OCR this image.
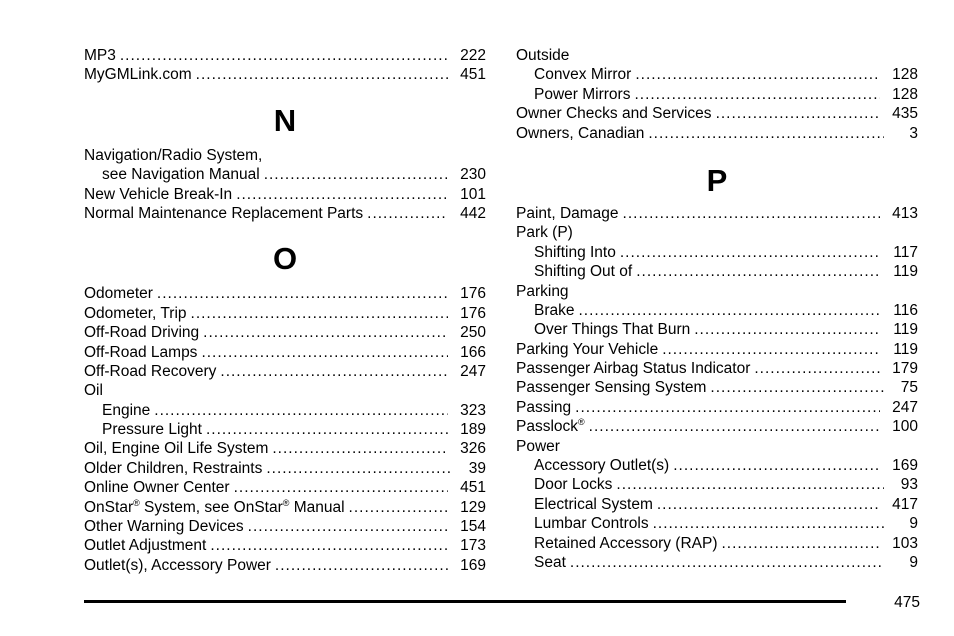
MP3 .....	222
MyGMLink.com .....	451
N
Navigation/Radio System,
see Navigation Manual .....	230
New Vehicle Break-In .....	101
Normal Maintenance Replacement Parts .....	442
O
Odometer .....	176
Odometer, Trip .....	176
Off-Road Driving .....	250
Off-Road Lamps .....	166
Off-Road Recovery .....	247
Oil
Engine .....	323
Pressure Light .....	189
Oil, Engine Oil Life System .....	326
Older Children, Restraints .....	39
Online Owner Center .....	451
OnStar® System, see OnStar® Manual .....	129
Other Warning Devices .....	154
Outlet Adjustment .....	173
Outlet(s), Accessory Power .....	169
Outside
Convex Mirror .....	128
Power Mirrors .....	128
Owner Checks and Services .....	435
Owners, Canadian .....	3
P
Paint, Damage .....	413
Park (P)
Shifting Into .....	117
Shifting Out of .....	119
Parking
Brake .....	116
Over Things That Burn .....	119
Parking Your Vehicle .....	119
Passenger Airbag Status Indicator .....	179
Passenger Sensing System .....	75
Passing .....	247
Passlock® .....	100
Power
Accessory Outlet(s) .....	169
Door Locks .....	93
Electrical System .....	417
Lumbar Controls .....	9
Retained Accessory (RAP) .....	103
Seat .....	9
475
